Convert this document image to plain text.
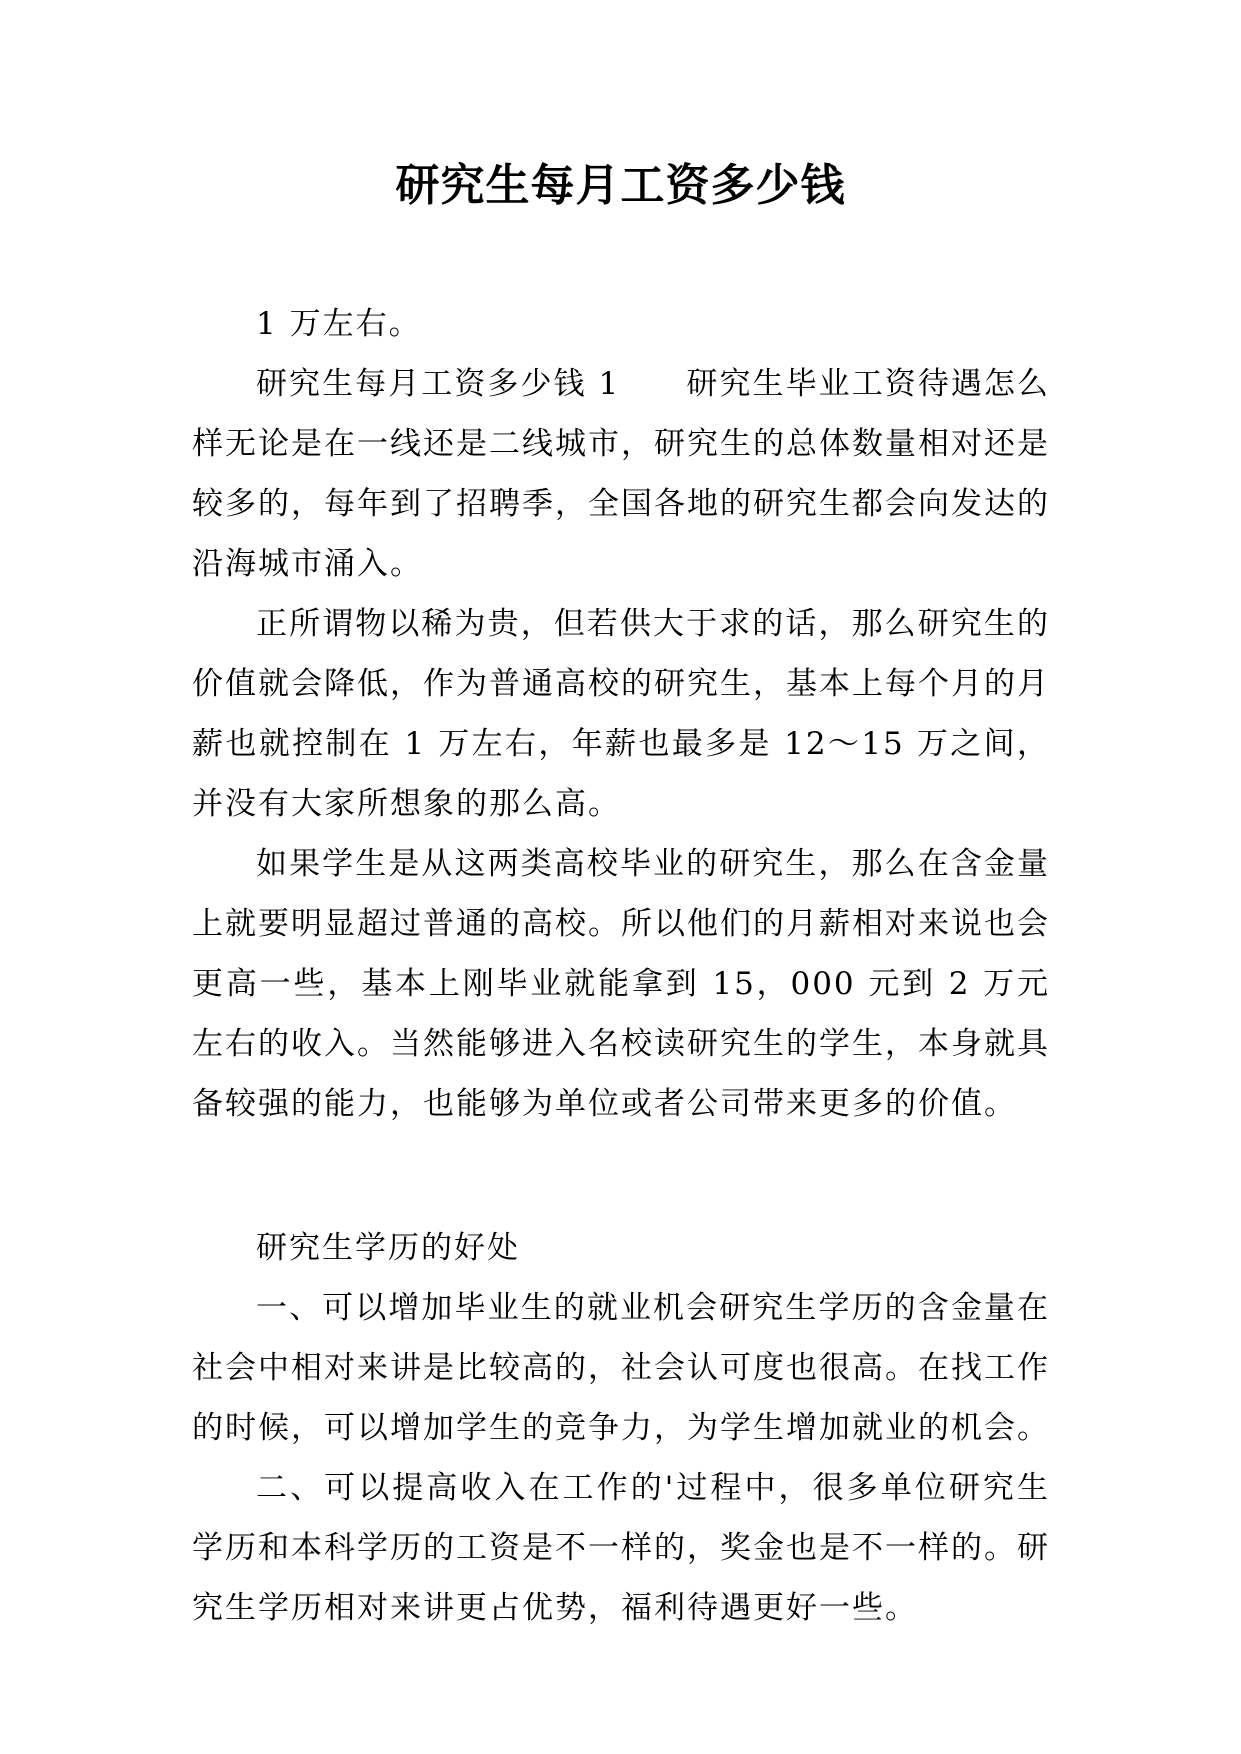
研究生每月工资多少钱

1 万左右。

研究生每月工资多少钱 1　　研究生毕业工资待遇怎么样无论是在一线还是二线城市，研究生的总体数量相对还是较多的，每年到了招聘季，全国各地的研究生都会向发达的沿海城市涌入。

正所谓物以稀为贵，但若供大于求的话，那么研究生的价值就会降低，作为普通高校的研究生，基本上每个月的月薪也就控制在 1 万左右，年薪也最多是 12～15 万之间，并没有大家所想象的那么高。

如果学生是从这两类高校毕业的研究生，那么在含金量上就要明显超过普通的高校。所以他们的月薪相对来说也会更高一些，基本上刚毕业就能拿到 15，000 元到 2 万元左右的收入。当然能够进入名校读研究生的学生，本身就具备较强的能力，也能够为单位或者公司带来更多的价值。

研究生学历的好处

一、可以增加毕业生的就业机会研究生学历的含金量在社会中相对来讲是比较高的，社会认可度也很高。在找工作的时候，可以增加学生的竞争力，为学生增加就业的机会。

二、可以提高收入在工作的'过程中，很多单位研究生学历和本科学历的工资是不一样的，奖金也是不一样的。研究生学历相对来讲更占优势，福利待遇更好一些。
